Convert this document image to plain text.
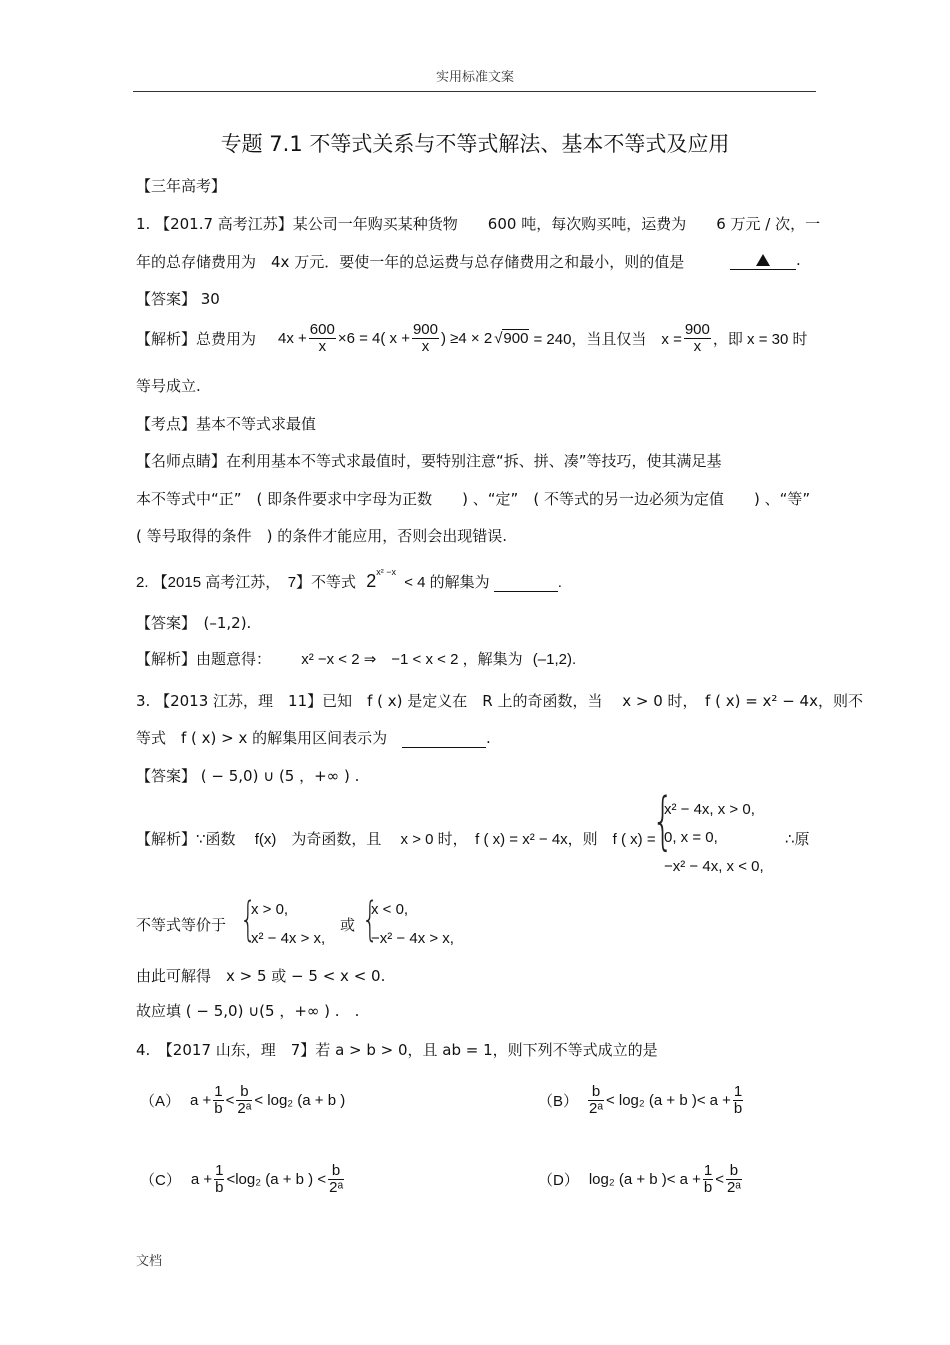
实用标准文案
专题 7.1 不等式关系与不等式解法、基本不等式及应用
【三年高考】
1. 【201.7 高考江苏】某公司一年购买某种货物　　600 吨，每次购买吨，运费为　　6 万元 / 次，一
年的总存储费用为　4x 万元．要使一年的总运费与总存储费用之和最小，则的值是	.
【答案】 30
【解析】总费用为 $4x + \frac{600}{x} \times 6 = 4$( $x + \frac{900}{x}$ ) ≥4 × 2 √ 900 = 240，当且仅当　$x = \frac{900}{x}$ ，即 x = 30 时
等号成立.
【考点】基本不等式求最值
【名师点睛】在利用基本不等式求最值时，要特别注意“拆、拼、凑”等技巧，使其满足基
本不等式中“正”　( 即条件要求中字母为正数　　) 、“定”　( 不等式的另一边必须为定值　　) 、“等”
( 等号取得的条件　) 的条件才能应用，否则会出现错误.
2. 【2015 高考江苏，　7】不等式 $2^{x^2 -x} < 4$ 的解集为	.
【答案】　(–1,2).
【解析】由题意得： x² −x < 2 ⇒　−1 < x < 2 ，解集为 (–1,2).
3. 【2013 江苏，理　11】已知　f ( x) 是定义在　R 上的奇函数，当　 x > 0 时，　f ( x) = x² − 4x，则不
等式　f ( x) > x 的解集用区间表示为	.
【答案】 ( − 5,0) ∪ (5 ，+∞ ) .
【解析】∵函数　 f(x)　为奇函数，且　 x > 0 时，　f ( x) = x² − 4x，则　f ( x) =
{
x² − 4x, x > 0,
0, x = 0,
−x² − 4x, x < 0,
∴原
不等式等价于 {
x > 0,
x² − 4x > x,
或 {
x < 0,
−x² − 4x > x,
由此可解得　x > 5 或 − 5 < x < 0.
故应填 ( − 5,0) ∪(5 ，+∞ ) .　.
4.　【2017 山东，理　7】若 a > b > 0，且 ab = 1，则下列不等式成立的是
（A） $a + \frac{1}{b} < \frac{b}{\text{2ᵃ}} < \log_2$ (a + b )	$(B) \frac{b}{\text{2ᵃ}} < \log_2$ (a + b )< $a + \frac{1}{b}$
（C） $a + \frac{1}{b} <\log_2$ (a + b ) < $\frac{b}{\text{2ᵃ}}$	（D） log₂ (a + b )< $a + \frac{1}{b} < \frac{b}{\text{2ᵃ}}$
文档
